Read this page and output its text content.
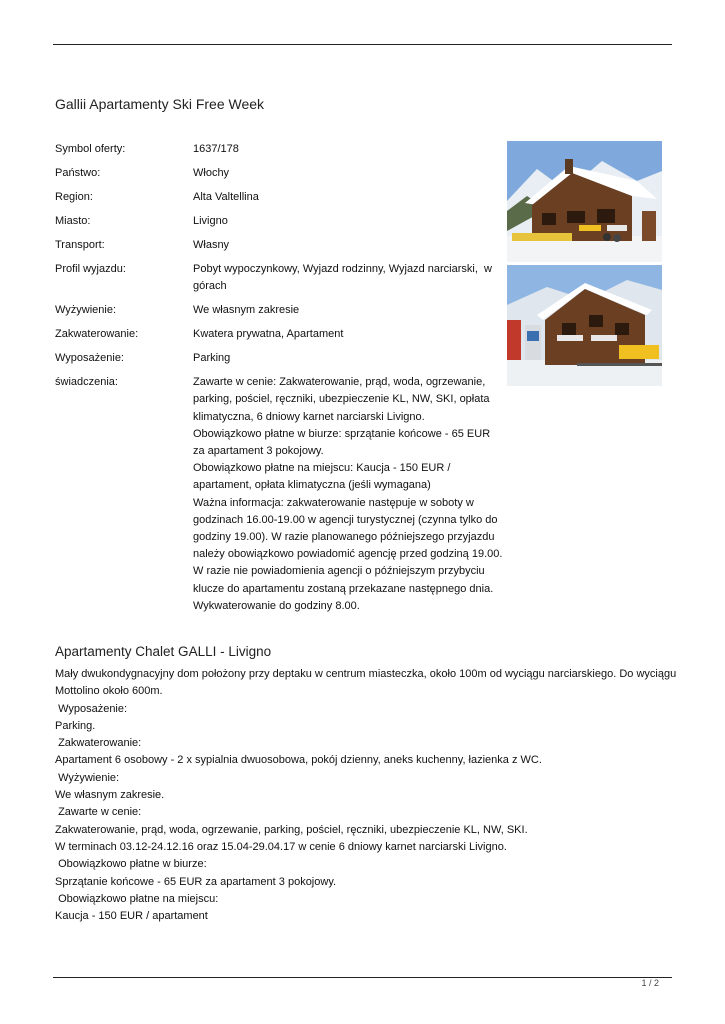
Gallii Apartamenty Ski Free Week
Symbol oferty:	1637/178
Państwo:	Włochy
Region:	Alta Valtellina
Miasto:	Livigno
Transport:	Własny
Profil wyjazdu:	Pobyt wypoczynkowy, Wyjazd rodzinny, Wyjazd narciarski,  w górach
Wyżywienie:	We własnym zakresie
Zakwaterowanie:	Kwatera prywatna, Apartament
Wyposażenie:	Parking
świadczenia:	Zawarte w cenie: Zakwaterowanie, prąd, woda, ogrzewanie, parking, pościel, ręczniki, ubezpieczenie KL, NW, SKI, opłata klimatyczna, 6 dniowy karnet narciarski Livigno.
Obowiązkowo płatne w biurze: sprzątanie końcowe - 65 EUR za apartament 3 pokojowy.
Obowiązkowo płatne na miejscu: Kaucja - 150 EUR / apartament, opłata klimatyczna (jeśli wymagana)
Ważna informacja: zakwaterowanie następuje w soboty w godzinach 16.00-19.00 w agencji turystycznej (czynna tylko do godziny 19.00). W razie planowanego późniejszego przyjazdu należy obowiązkowo powiadomić agencję przed godziną 19.00.
W razie nie powiadomienia agencji o późniejszym przybyciu klucze do apartamentu zostaną przekazane następnego dnia.
Wykwaterowanie do godziny 8.00.
Apartamenty Chalet GALLI - Livigno

Mały dwukondygnacyjny dom położony przy deptaku w centrum miasteczka, około 100m od wyciągu narciarskiego. Do wyciągu Mottolino około 600m.

Wyposażenie:

Parking.

Zakwaterowanie:

Apartament 6 osobowy - 2 x sypialnia dwuosobowa, pokój dzienny, aneks kuchenny, łazienka z WC.

Wyżywienie:

We własnym zakresie.

Zawarte w cenie:

Zakwaterowanie, prąd, woda, ogrzewanie, parking, pościel, ręczniki, ubezpieczenie KL, NW, SKI.

W terminach 03.12-24.12.16 oraz 15.04-29.04.17 w cenie 6 dniowy karnet narciarski Livigno.

Obowiązkowo płatne w biurze:

Sprzątanie końcowe - 65 EUR za apartament 3 pokojowy.

Obowiązkowo płatne na miejscu:

Kaucja - 150 EUR / apartament

1 / 2
